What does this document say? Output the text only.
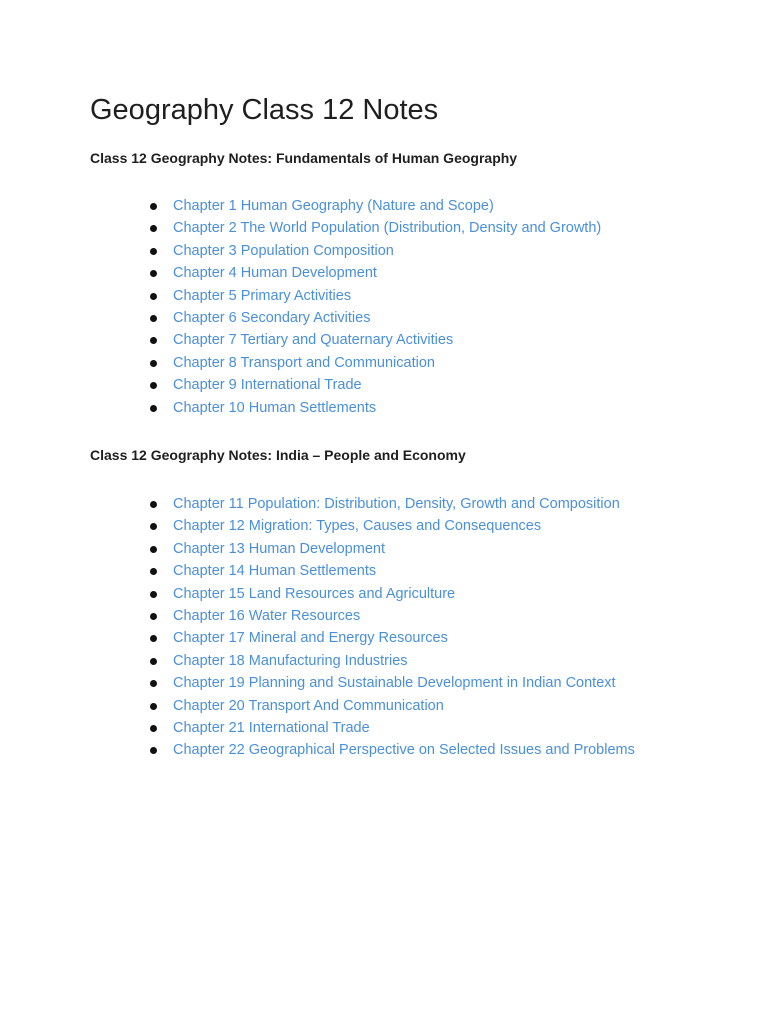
Geography Class 12 Notes
Class 12 Geography Notes: Fundamentals of Human Geography
Chapter 1 Human Geography (Nature and Scope)
Chapter 2 The World Population (Distribution, Density and Growth)
Chapter 3 Population Composition
Chapter 4 Human Development
Chapter 5 Primary Activities
Chapter 6 Secondary Activities
Chapter 7 Tertiary and Quaternary Activities
Chapter 8 Transport and Communication
Chapter 9 International Trade
Chapter 10 Human Settlements
Class 12 Geography Notes: India – People and Economy
Chapter 11 Population: Distribution, Density, Growth and Composition
Chapter 12 Migration: Types, Causes and Consequences
Chapter 13 Human Development
Chapter 14 Human Settlements
Chapter 15 Land Resources and Agriculture
Chapter 16 Water Resources
Chapter 17 Mineral and Energy Resources
Chapter 18 Manufacturing Industries
Chapter 19 Planning and Sustainable Development in Indian Context
Chapter 20 Transport And Communication
Chapter 21 International Trade
Chapter 22 Geographical Perspective on Selected Issues and Problems
